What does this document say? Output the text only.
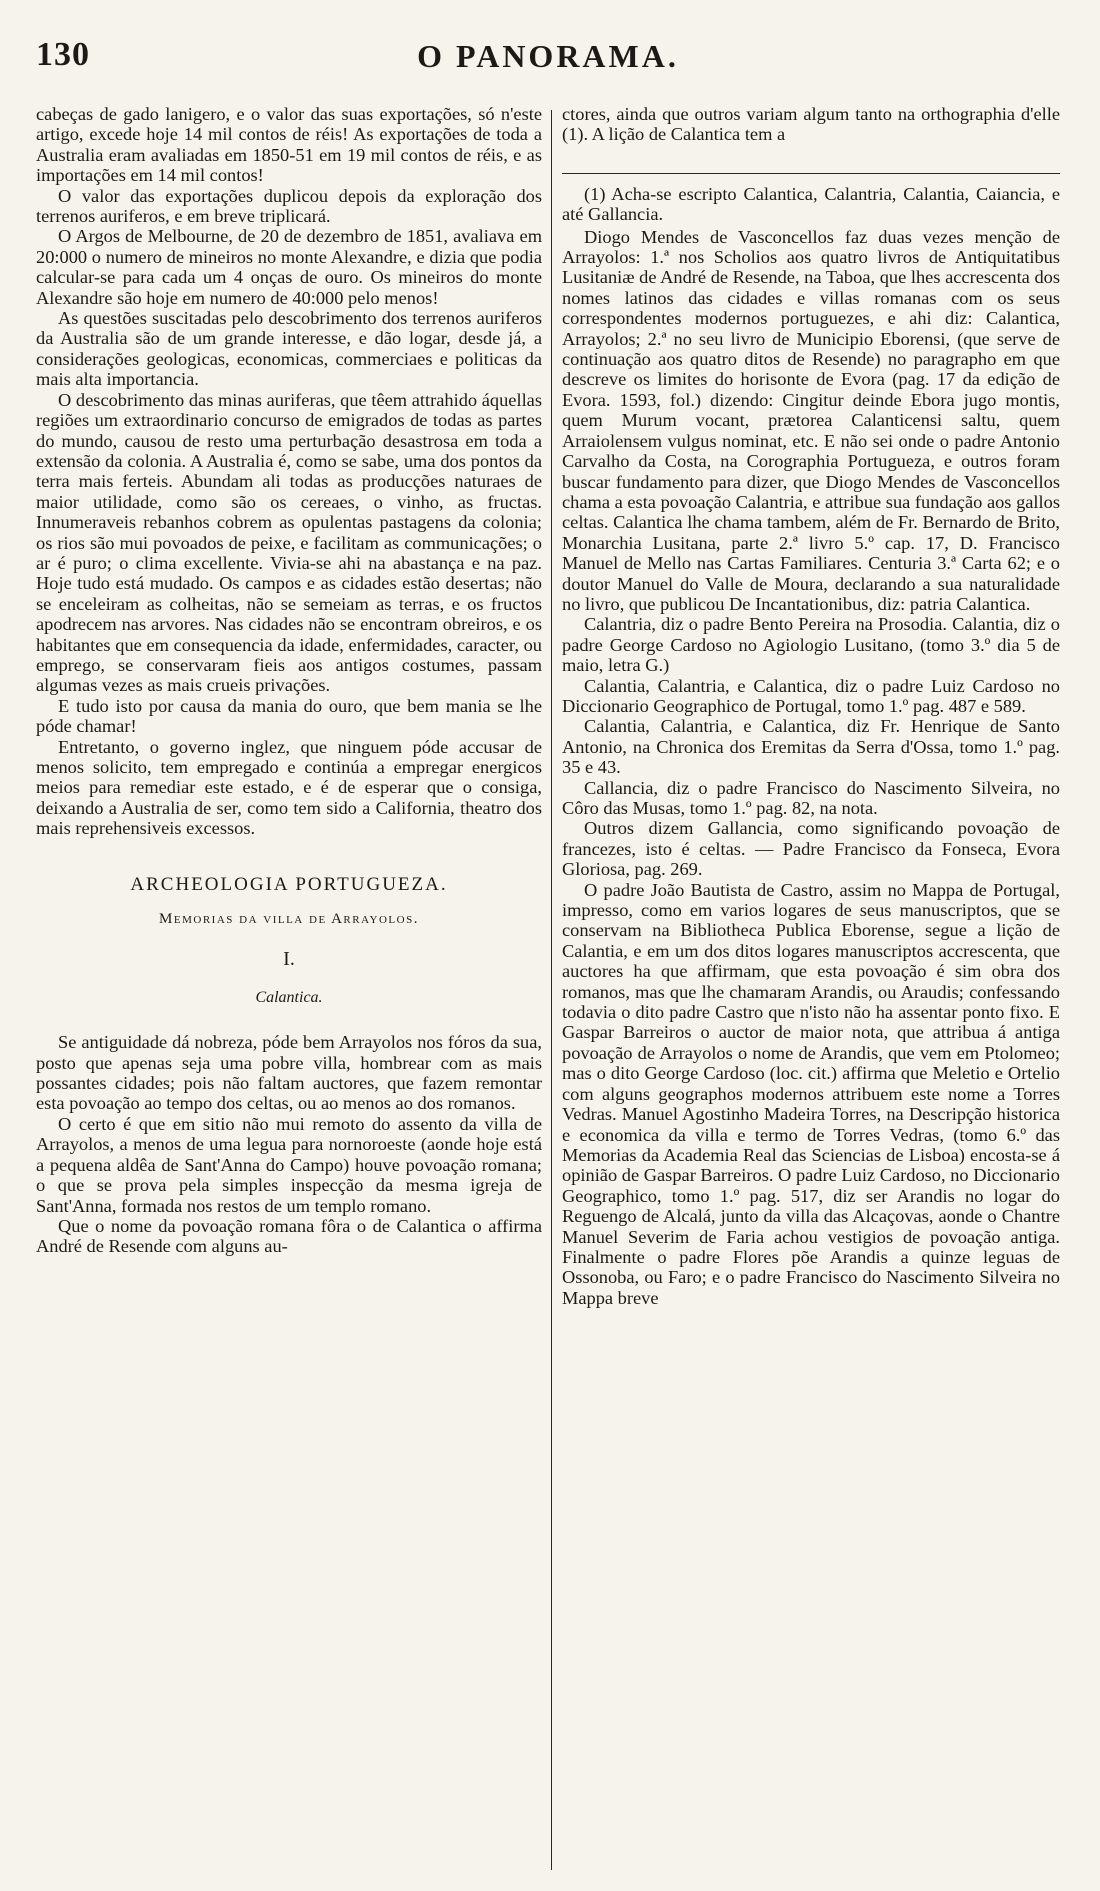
130	O PANORAMA.

cabeças de gado lanigero, e o valor das suas exportações, só n'este artigo, excede hoje 14 mil contos de réis! As exportações de toda a Australia eram avaliadas em 1850-51 em 19 mil contos de réis, e as importações em 14 mil contos!

O valor das exportações duplicou depois da exploração dos terrenos auriferos, e em breve triplicará.

O Argos de Melbourne, de 20 de dezembro de 1851, avaliava em 20:000 o numero de mineiros no monte Alexandre, e dizia que podia calcular-se para cada um 4 onças de ouro. Os mineiros do monte Alexandre são hoje em numero de 40:000 pelo menos!

As questões suscitadas pelo descobrimento dos terrenos auriferos da Australia são de um grande interesse, e dão logar, desde já, a considerações geologicas, economicas, commerciaes e politicas da mais alta importancia.

O descobrimento das minas auriferas, que têem attrahido áquellas regiões um extraordinario concurso de emigrados de todas as partes do mundo, causou de resto uma perturbação desastrosa em toda a extensão da colonia. A Australia é, como se sabe, uma dos pontos da terra mais ferteis. Abundam ali todas as producções naturaes de maior utilidade, como são os cereaes, o vinho, as fructas. Innumeraveis rebanhos cobrem as opulentas pastagens da colonia; os rios são mui povoados de peixe, e facilitam as communicações; o ar é puro; o clima excellente. Vivia-se ahi na abastança e na paz. Hoje tudo está mudado. Os campos e as cidades estão desertas; não se enceleiram as colheitas, não se semeiam as terras, e os fructos apodrecem nas arvores. Nas cidades não se encontram obreiros, e os habitantes que em consequencia da idade, enfermidades, caracter, ou emprego, se conservaram fieis aos antigos costumes, passam algumas vezes as mais crueis privações.

E tudo isto por causa da mania do ouro, que bem mania se lhe póde chamar!

Entretanto, o governo inglez, que ninguem póde accusar de menos solicito, tem empregado e continúa a empregar energicos meios para remediar este estado, e é de esperar que o consiga, deixando a Australia de ser, como tem sido a California, theatro dos mais reprehensiveis excessos.

ARCHEOLOGIA PORTUGUEZA.

Memorias da villa de Arrayolos.

I.

Calantica.

Se antiguidade dá nobreza, póde bem Arrayolos nos fóros da sua, posto que apenas seja uma pobre villa, hombrear com as mais possantes cidades; pois não faltam auctores, que fazem remontar esta povoação ao tempo dos celtas, ou ao menos ao dos romanos.

O certo é que em sitio não mui remoto do assento da villa de Arrayolos, a menos de uma legua para nornoroeste (aonde hoje está a pequena aldêa de Sant'Anna do Campo) houve povoação romana; o que se prova pela simples inspecção da mesma igreja de Sant'Anna, formada nos restos de um templo romano.

Que o nome da povoação romana fôra o de Calantica o affirma André de Resende com alguns au-

ctores, ainda que outros variam algum tanto na orthographia d'elle (1). A lição de Calantica tem a

(1) Acha-se escripto Calantica, Calantria, Calantia, Caiancia, e até Gallancia.

Diogo Mendes de Vasconcellos faz duas vezes menção de Arrayolos: 1.ª nos Scholios aos quatro livros de Antiquitatibus Lusitaniæ de André de Resende, na Taboa, que lhes accrescenta dos nomes latinos das cidades e villas romanas com os seus correspondentes modernos portuguezes, e ahi diz: Calantica, Arrayolos; 2.ª no seu livro de Municipio Eborensi, (que serve de continuação aos quatro ditos de Resende) no paragrapho em que descreve os limites do horisonte de Evora (pag. 17 da edição de Evora. 1593, fol.) dizendo: Cingitur deinde Ebora jugo montis, quem Murum vocant, prætorea Calanticensi saltu, quem Arraiolensem vulgus nominat, etc. E não sei onde o padre Antonio Carvalho da Costa, na Corographia Portugueza, e outros foram buscar fundamento para dizer, que Diogo Mendes de Vasconcellos chama a esta povoação Calantria, e attribue sua fundação aos gallos celtas. Calantica lhe chama tambem, além de Fr. Bernardo de Brito, Monarchia Lusitana, parte 2.ª livro 5.º cap. 17, D. Francisco Manuel de Mello nas Cartas Familiares. Centuria 3.ª Carta 62; e o doutor Manuel do Valle de Moura, declarando a sua naturalidade no livro, que publicou De Incantationibus, diz: patria Calantica.

Calantria, diz o padre Bento Pereira na Prosodia. Calantia, diz o padre George Cardoso no Agiologio Lusitano, (tomo 3.º dia 5 de maio, letra G.)

Calantia, Calantria, e Calantica, diz o padre Luiz Cardoso no Diccionario Geographico de Portugal, tomo 1.º pag. 487 e 589.

Calantia, Calantria, e Calantica, diz Fr. Henrique de Santo Antonio, na Chronica dos Eremitas da Serra d'Ossa, tomo 1.º pag. 35 e 43.

Callancia, diz o padre Francisco do Nascimento Silveira, no Côro das Musas, tomo 1.º pag. 82, na nota.

Outros dizem Gallancia, como significando povoação de francezes, isto é celtas. — Padre Francisco da Fonseca, Evora Gloriosa, pag. 269.

O padre João Bautista de Castro, assim no Mappa de Portugal, impresso, como em varios logares de seus manuscriptos, que se conservam na Bibliotheca Publica Eborense, segue a lição de Calantia, e em um dos ditos logares manuscriptos accrescenta, que auctores ha que affirmam, que esta povoação é sim obra dos romanos, mas que lhe chamaram Arandis, ou Araudis; confessando todavia o dito padre Castro que n'isto não ha assentar ponto fixo. E Gaspar Barreiros o auctor de maior nota, que attribua á antiga povoação de Arrayolos o nome de Arandis, que vem em Ptolomeo; mas o dito George Cardoso (loc. cit.) affirma que Meletio e Ortelio com alguns geographos modernos attribuem este nome a Torres Vedras. Manuel Agostinho Madeira Torres, na Descripção historica e economica da villa e termo de Torres Vedras, (tomo 6.º das Memorias da Academia Real das Sciencias de Lisboa) encosta-se á opinião de Gaspar Barreiros. O padre Luiz Cardoso, no Diccionario Geographico, tomo 1.º pag. 517, diz ser Arandis no logar do Reguengo de Alcalá, junto da villa das Alcaçovas, aonde o Chantre Manuel Severim de Faria achou vestigios de povoação antiga. Finalmente o padre Flores põe Arandis a quinze leguas de Ossonoba, ou Faro; e o padre Francisco do Nascimento Silveira no Mappa breve
